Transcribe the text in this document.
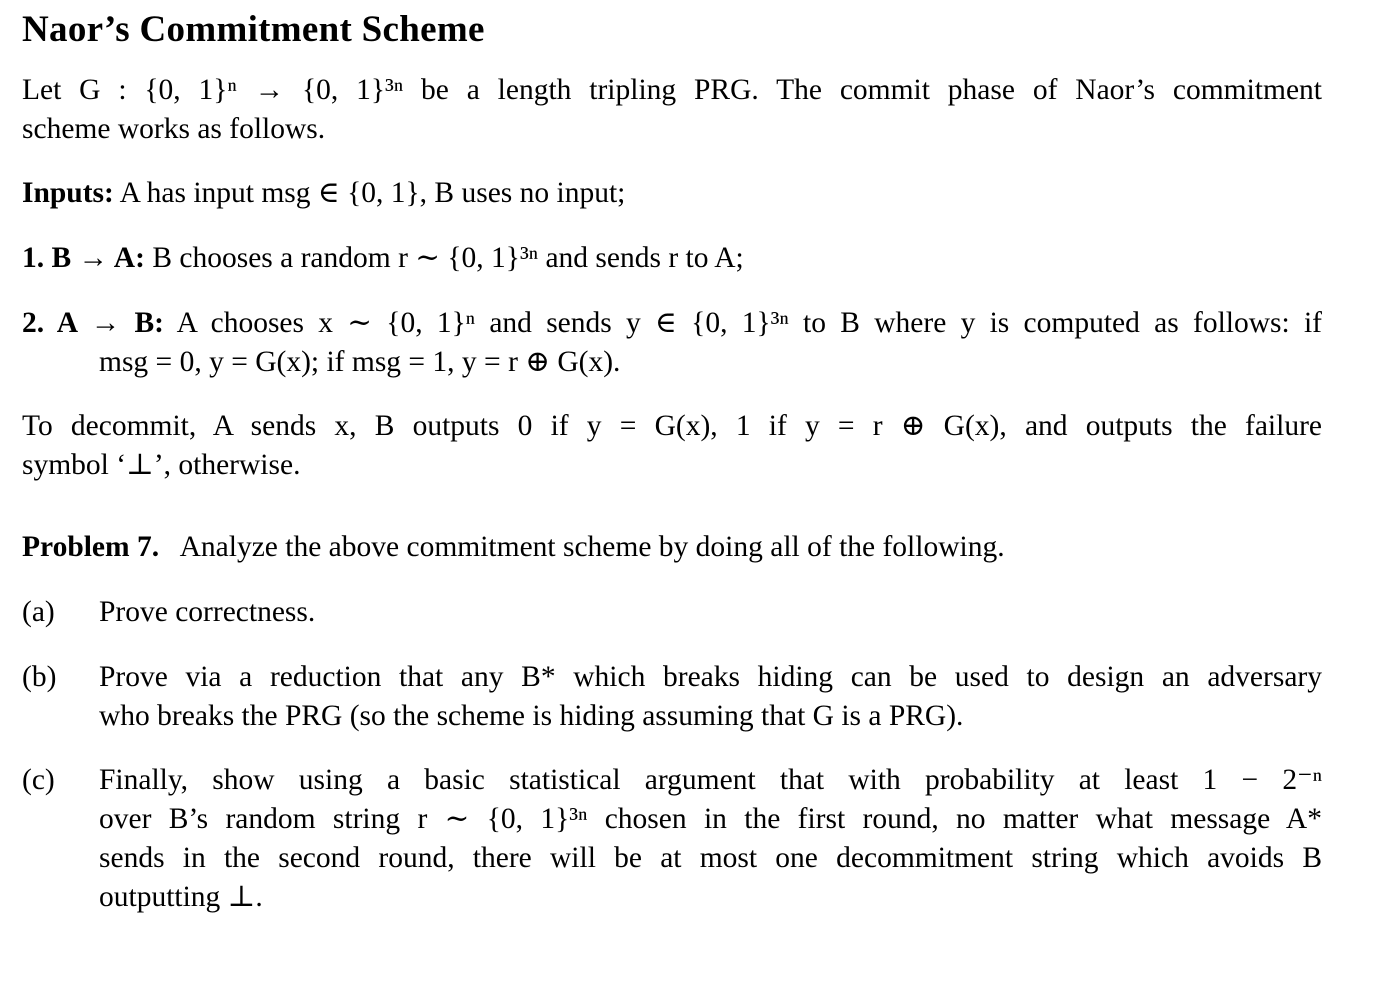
Naor’s Commitment Scheme
Let G : {0, 1}ⁿ → {0, 1}³ⁿ be a length tripling PRG. The commit phase of Naor’s commitment
scheme works as follows.
Inputs: A has input msg ∈ {0, 1}, B uses no input;
1. B → A: B chooses a random r ∼ {0, 1}³ⁿ and sends r to A;
2. A → B: A chooses x ∼ {0, 1}ⁿ and sends y ∈ {0, 1}³ⁿ to B where y is computed as follows: if
msg = 0, y = G(x); if msg = 1, y = r ⊕ G(x).
To decommit, A sends x, B outputs 0 if y = G(x), 1 if y = r ⊕ G(x), and outputs the failure
symbol ‘⊥’, otherwise.
Problem 7. Analyze the above commitment scheme by doing all of the following.
(a) Prove correctness.
(b) Prove via a reduction that any B* which breaks hiding can be used to design an adversary
who breaks the PRG (so the scheme is hiding assuming that G is a PRG).
(c) Finally, show using a basic statistical argument that with probability at least 1 − 2⁻ⁿ
over B’s random string r ∼ {0, 1}³ⁿ chosen in the first round, no matter what message A*
sends in the second round, there will be at most one decommitment string which avoids B
outputting ⊥.
